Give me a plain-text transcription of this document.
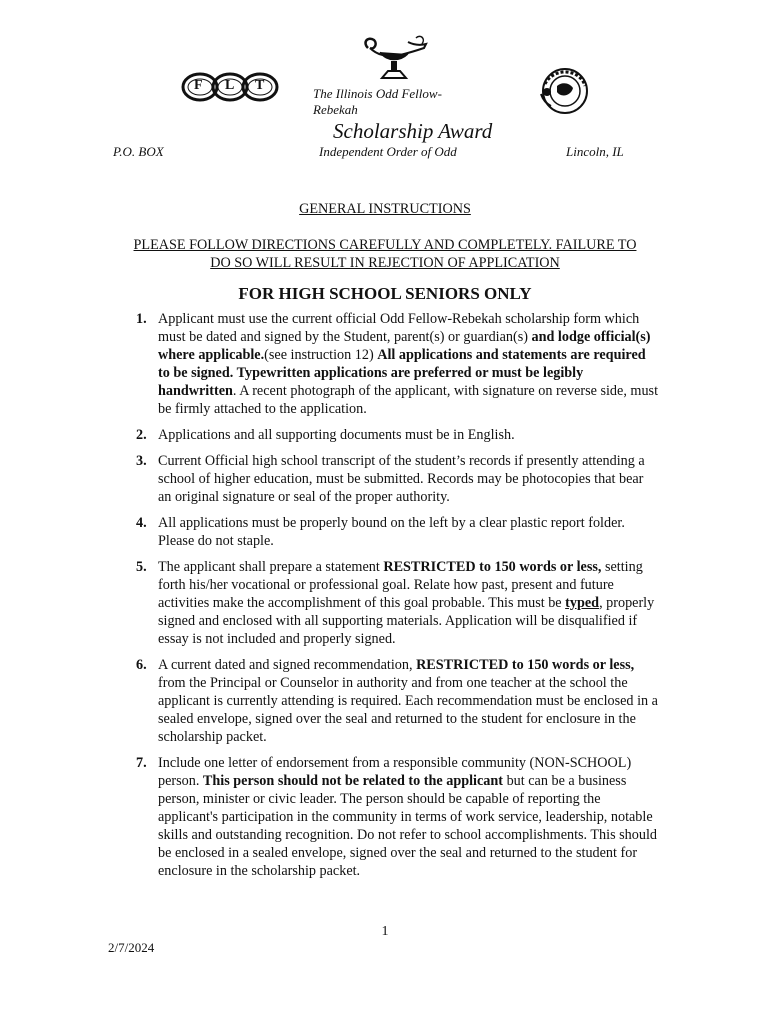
F L T
The Illinois Odd Fellow-Rebekah
Scholarship Award
P.O. BOX	Independent Order of Odd	Lincoln, IL
GENERAL INSTRUCTIONS
PLEASE FOLLOW DIRECTIONS CAREFULLY AND COMPLETELY. FAILURE TO
DO SO WILL RESULT IN REJECTION OF APPLICATION
FOR HIGH SCHOOL SENIORS ONLY
1. Applicant must use the current official Odd Fellow-Rebekah scholarship form which must be dated and signed by the Student, parent(s) or guardian(s) and lodge official(s) where applicable.(see instruction 12) All applications and statements are required to be signed. Typewritten applications are preferred or must be legibly handwritten. A recent photograph of the applicant, with signature on reverse side, must be firmly attached to the application.
2. Applications and all supporting documents must be in English.
3. Current Official high school transcript of the student’s records if presently attending a school of higher education, must be submitted. Records may be photocopies that bear an original signature or seal of the proper authority.
4. All applications must be properly bound on the left by a clear plastic report folder. Please do not staple.
5. The applicant shall prepare a statement RESTRICTED to 150 words or less, setting forth his/her vocational or professional goal. Relate how past, present and future activities make the accomplishment of this goal probable. This must be typed, properly signed and enclosed with all supporting materials. Application will be disqualified if essay is not included and properly signed.
6. A current dated and signed recommendation, RESTRICTED to 150 words or less, from the Principal or Counselor in authority and from one teacher at the school the applicant is currently attending is required. Each recommendation must be enclosed in a sealed envelope, signed over the seal and returned to the student for enclosure in the scholarship packet.
7. Include one letter of endorsement from a responsible community (NON-SCHOOL) person. This person should not be related to the applicant but can be a business person, minister or civic leader. The person should be capable of reporting the applicant's participation in the community in terms of work service, leadership, notable skills and outstanding recognition. Do not refer to school accomplishments. This should be enclosed in a sealed envelope, signed over the seal and returned to the student for enclosure in the scholarship packet.
1
2/7/2024
